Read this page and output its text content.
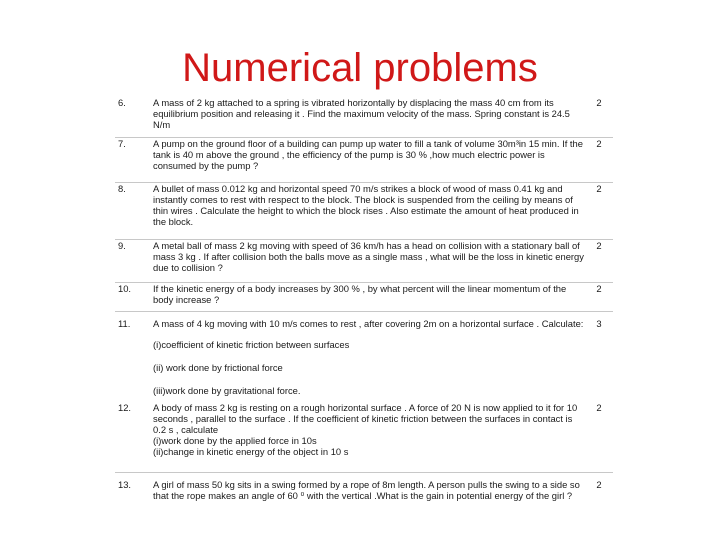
Numerical problems
6.	A mass of 2 kg attached to a spring is vibrated horizontally by displacing the mass 40 cm from its equilibrium position and releasing it . Find the maximum velocity of the mass. Spring constant is 24.5 N/m	2
7.	A pump on the ground floor of a building can pump up water to fill a tank of volume 30m³in 15 min. If the tank is 40 m above the ground , the efficiency of the pump is 30 % ,how much electric power is consumed by the pump ?	2
8.	A bullet of mass 0.012 kg and horizontal speed 70 m/s strikes a block of wood of mass 0.41 kg and instantly comes to rest with respect to the block. The block is suspended from the ceiling by means of thin wires . Calculate the height to which the block rises . Also estimate the amount of heat produced in the block.	2
9.	A metal ball of mass 2 kg moving with speed of 36 km/h has a head on collision with a stationary ball of mass 3 kg . If after collision both the balls move as a single mass , what will be the loss in kinetic energy due to collision ?	2
10.	If the kinetic energy of a body increases by 300 % , by what percent will the linear momentum of the body increase ?	2
11.	A mass of 4 kg moving with 10 m/s comes to rest , after covering 2m on a horizontal surface . Calculate:
(i)coefficient of kinetic friction between surfaces
(ii) work done by frictional force
(iii)work done by gravitational force.	3
12.	A body of mass 2 kg is resting on a rough horizontal surface . A force of 20 N is now applied to it for 10 seconds , parallel to the surface . If the coefficient of kinetic friction between the surfaces in contact is 0.2 s , calculate
(i)work done by the applied force in 10s
(ii)change in kinetic energy of the object in 10 s	2
13.	A girl of mass 50 kg sits in a swing formed by a rope of 8m length. A person pulls the swing to a side so that the rope makes an angle of 60 ⁰ with the vertical .What is the gain in potential energy of the girl ?	2
